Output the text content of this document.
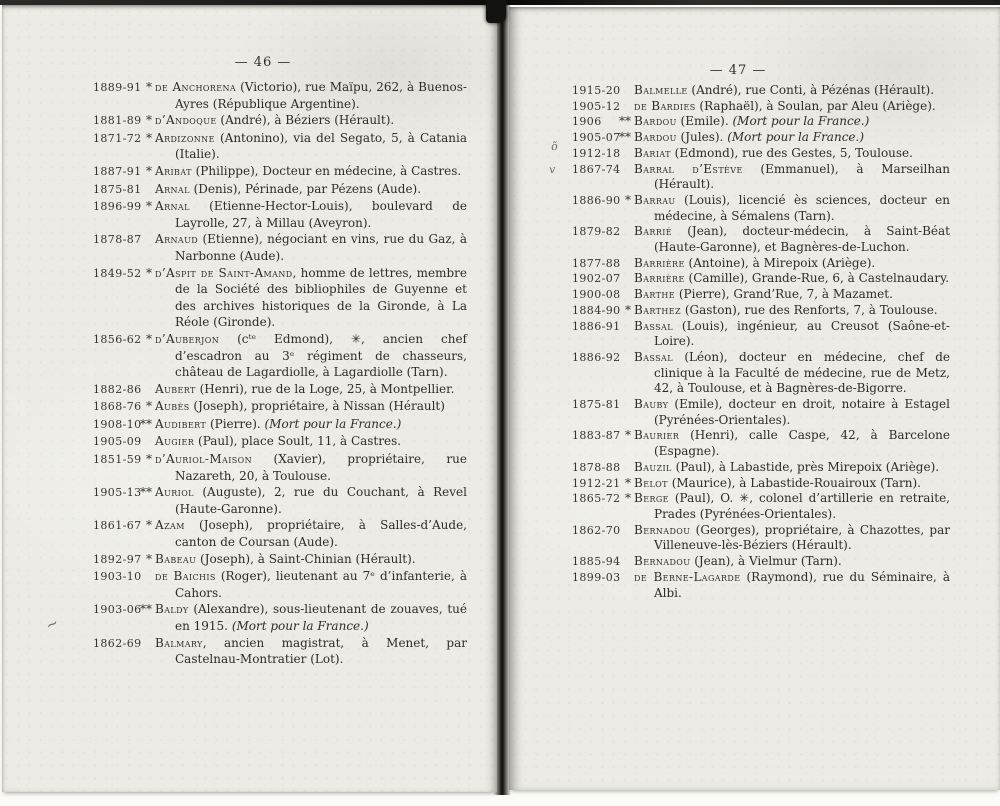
— 46 —
1889-91 * de Anchorena (Victorio), rue Maïpu, 262, à Buenos-Ayres (République Argentine).
1881-89 * d’Andoque (André), à Béziers (Hérault).
1871-72 * Ardizonne (Antonino), via del Segato, 5, à Catania (Italie).
1887-91 * Aribat (Philippe), Docteur en médecine, à Castres.
1875-81 Arnal (Denis), Périnade, par Pézens (Aude).
1896-99 * Arnal (Etienne-Hector-Louis), boulevard de Layrolle, 27, à Millau (Aveyron).
1878-87 Arnaud (Etienne), négociant en vins, rue du Gaz, à Narbonne (Aude).
1849-52 * d’Aspit de Saint-Amand, homme de lettres, membre de la Société des bibliophiles de Guyenne et des archives historiques de la Gironde, à La Réole (Gironde).
1856-62 * d’Auberjon (cᵗᵉ Edmond), ✳, ancien chef d’escadron au 3ᵉ régiment de chasseurs, château de Lagardiolle, à Lagardiolle (Tarn).
1882-86 Aubert (Henri), rue de la Loge, 25, à Montpellier.
1868-76 * Aubès (Joseph), propriétaire, à Nissan (Hérault)
1908-10
** Audibert (Pierre). (Mort pour la France.)
1905-09 Augier (Paul), place Soult, 11, à Castres.
1851-59 * d’Auriol-Maison (Xavier), propriétaire, rue Nazareth, 20, à Toulouse.
1905-13
** Auriol (Auguste), 2, rue du Couchant, à Revel (Haute-Garonne).
1861-67 * Azam (Joseph), propriétaire, à Salles-d’Aude, canton de Coursan (Aude).
1892-97 * Babeau (Joseph), à Saint-Chinian (Hérault).
1903-10 de Baichis (Roger), lieutenant au 7ᵉ d’infanterie, à Cahors.
1903-06
** Baldy (Alexandre), sous-lieutenant de zouaves, tué en 1915. (Mort pour la France.)
1862-69 Balmary, ancien magistrat, à Menet, par Castelnau-Montratier (Lot).
— 47 —
1915-20 Balmelle (André), rue Conti, à Pézénas (Hérault).
1905-12 de Bardies (Raphaël), à Soulan, par Aleu (Ariège).
1906	** Bardou (Emile). (Mort pour la France.)
1905-07
** Bardou (Jules). (Mort pour la France.)
1912-18 Bariat (Edmond), rue des Gestes, 5, Toulouse.
1867-74 Barral d’Estève (Emmanuel), à Marseilhan (Hérault).
1886-90 * Barrau (Louis), licencié ès sciences, docteur en médecine, à Sémalens (Tarn).
1879-82 Barrié (Jean), docteur-médecin, à Saint-Béat (Haute-Garonne), et Bagnères-de-Luchon.
1877-88 Barrière (Antoine), à Mirepoix (Ariège).
1902-07 Barrière (Camille), Grande-Rue, 6, à Castelnaudary.
1900-08 Barthe (Pierre), Grand’Rue, 7, à Mazamet.
1884-90 * Barthez (Gaston), rue des Renforts, 7, à Toulouse.
1886-91 Bassal (Louis), ingénieur, au Creusot (Saône-et-Loire).
1886-92 Bassal (Léon), docteur en médecine, chef de clinique à la Faculté de médecine, rue de Metz, 42, à Toulouse, et à Bagnères-de-Bigorre.
1875-81 Bauby (Emile), docteur en droit, notaire à Estagel (Pyrénées-Orientales).
1883-87 * Baurier (Henri), calle Caspe, 42, à Barcelone (Espagne).
1878-88 Bauzil (Paul), à Labastide, près Mirepoix (Ariège).
1912-21 * Belot (Maurice), à Labastide-Rouairoux (Tarn).
1865-72 * Berge (Paul), O. ✳, colonel d’artillerie en retraite, Prades (Pyrénées-Orientales).
1862-70 Bernadou (Georges), propriétaire, à Chazottes, par Villeneuve-lès-Béziers (Hérault).
1885-94 Bernadou (Jean), à Vielmur (Tarn).
1899-03 de Berne-Lagarde (Raymond), rue du Séminaire, à Albi.
~
õ
v
